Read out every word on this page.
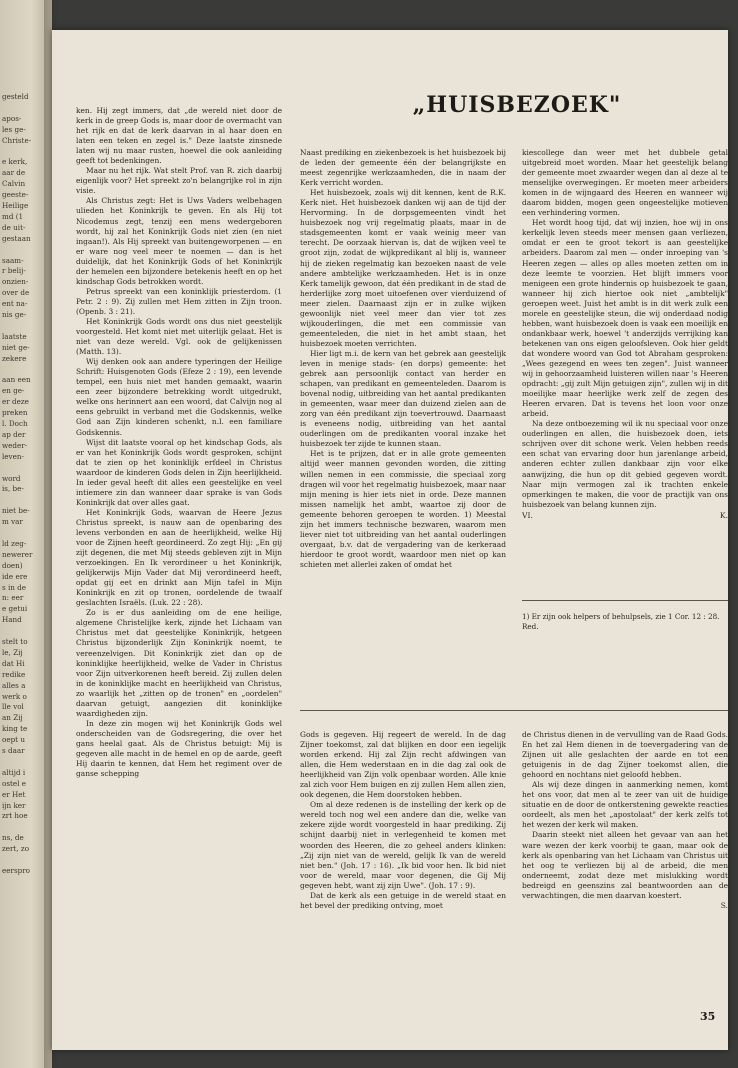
gesteld
apos-
les ge-
Christe-
e kerk,
aar de
Calvin
geeste-
Heilige
md (1
de uit-
gestaan
saam-
r belij-
onzien-
over de
ent na-
nis ge-
laatste
niet ge-
zekere
aan een
en ge-
er deze
preken
l. Doch
ap der
weder-
leven-
word
is, be-
niet be-
m var
ld zeg-
newerer
doen)
ide ere
s in de
n: eer
e getui
Hand
stelt to
le, Zij
dat Hi
redike
alles a
werk o
lle vol
an Zij
king te
oept u
s daar
altijd i
ostel e
er Het
ijn ker
zrt hoe
ns, de
zert, zo
eerspro
„HUISBEZOEK"

ken. Hij zegt immers, dat „de wereld niet door de kerk in de greep Gods is, maar door de overmacht van het rijk en dat de kerk daarvan in al haar doen en laten een teken en zegel is." Deze laatste zinsnede laten wij nu maar rusten, hoewel die ook aanleiding geeft tot bedenkingen.

Maar nu het rijk. Wat stelt Prof. van R. zich daarbij eigenlijk voor? Het spreekt zo'n belangrijke rol in zijn visie.

Als Christus zegt: Het is Uws Vaders welbehagen ulieden het Koninkrijk te geven. En als Hij tot Nicodemus zegt, tenzij een mens wedergeboren wordt, hij zal het Koninkrijk Gods niet zien (en niet ingaan!). Als Hij spreekt van buitengeworpenen — en er ware nog veel meer te noemen — dan is het duidelijk, dat het Koninkrijk Gods of het Koninkrijk der hemelen een bijzondere betekenis heeft en op het kindschap Gods betrokken wordt.

Petrus spreekt van een koninklijk priesterdom. (1 Petr. 2 : 9). Zij zullen met Hem zitten in Zijn troon. (Openb. 3 : 21).

Het Koninkrijk Gods wordt ons dus niet geestelijk voorgesteld. Het komt niet met uiterlijk gelaat. Het is niet van deze wereld. Vgl. ook de gelijkenissen (Matth. 13).

Wij denken ook aan andere typeringen der Heilige Schrift: Huisgenoten Gods (Efeze 2 : 19), een levende tempel, een huis niet met handen gemaakt, waarin een zeer bijzondere betrekking wordt uitgedrukt, welke ons herinnert aan een woord, dat Calvijn nog al eens gebruikt in verband met die Godskennis, welke God aan Zijn kinderen schenkt, n.l. een familiare Godskennis.

Wijst dit laatste vooral op het kindschap Gods, als er van het Koninkrijk Gods wordt gesproken, schijnt dat te zien op het koninklijk erfdeel in Christus waardoor de kinderen Gods delen in Zijn heerlijkheid. In ieder geval heeft dit alles een geestelijke en veel intiemere zin dan wanneer daar sprake is van Gods Koninkrijk dat over alles gaat.

Het Koninkrijk Gods, waarvan de Heere Jezus Christus spreekt, is nauw aan de openbaring des levens verbonden en aan de heerlijkheid, welke Hij voor de Zijnen heeft geordineerd. Zo zegt Hij: „En gij zijt degenen, die met Mij steeds gebleven zijt in Mijn verzoekingen. En Ik verordineer u het Koninkrijk, gelijkerwijs Mijn Vader dat Mij verordineerd heeft, opdat gij eet en drinkt aan Mijn tafel in Mijn Koninkrijk en zit op tronen, oordelende de twaalf geslachten Israëls. (Luk. 22 : 28).

Zo is er dus aanleiding om de ene heilige, algemene Christelijke kerk, zijnde het Lichaam van Christus met dat geestelijke Koninkrijk, hetgeen Christus bijzonderlijk Zijn Koninkrijk noemt, te vereenzelvigen. Dit Koninkrijk ziet dan op de koninklijke heerlijkheid, welke de Vader in Christus voor Zijn uitverkorenen heeft bereid. Zij zullen delen in de koninklijke macht en heerlijkheid van Christus, zo waarlijk het „zitten op de tronen" en „oordelen" daarvan getuigt, aangezien dit koninklijke waardigheden zijn.

In deze zin mogen wij het Koninkrijk Gods wel onderscheiden van de Godsregering, die over het gans heelal gaat. Als de Christus betuigt: Mij is gegeven alle macht in de hemel en op de aarde, geeft Hij daarin te kennen, dat Hem het regiment over de ganse schepping

Naast prediking en ziekenbezoek is het huisbezoek bij de leden der gemeente één der belangrijkste en meest zegenrijke werkzaamheden, die in naam der Kerk verricht worden.

Het huisbezoek, zoals wij dit kennen, kent de R.K. Kerk niet. Het huisbezoek danken wij aan de tijd der Hervorming. In de dorpsgemeenten vindt het huisbezoek nog vrij regelmatig plaats, maar in de stadsgemeenten komt er vaak weinig meer van terecht. De oorzaak hiervan is, dat de wijken veel te groot zijn, zodat de wijkpredikant al blij is, wanneer hij de zieken regelmatig kan bezoeken naast de vele andere ambtelijke werkzaamheden. Het is in onze Kerk tamelijk gewoon, dat één predikant in de stad de herderlijke zorg moet uitoefenen over vierduizend of meer zielen. Daarnaast zijn er in zulke wijken gewoonlijk niet veel meer dan vier tot zes wijkouderlingen, die met een commissie van gemeenteleden, die niet in het ambt staan, het huisbezoek moeten verrichten.

Hier ligt m.i. de kern van het gebrek aan geestelijk leven in menige stads- (en dorps) gemeente: het gebrek aan persoonlijk contact van herder en schapen, van predikant en gemeenteleden. Daarom is bovenal nodig, uitbreiding van het aantal predikanten in gemeenten, waar meer dan duizend zielen aan de zorg van één predikant zijn toevertrouwd. Daarnaast is eveneens nodig, uitbreiding van het aantal ouderlingen om de predikanten vooral inzake het huisbezoek ter zijde te kunnen staan.

Het is te prijzen, dat er in alle grote gemeenten altijd weer mannen gevonden worden, die zitting willen nemen in een commissie, die speciaal zorg dragen wil voor het regelmatig huisbezoek, maar naar mijn mening is hier iets niet in orde. Deze mannen missen namelijk het ambt, waartoe zij door de gemeente behoren geroepen te worden. 1) Meestal zijn het immers technische bezwaren, waarom men liever niet tot uitbreiding van het aantal ouderlingen overgaat, b.v. dat de vergadering van de kerkeraad hierdoor te groot wordt, waardoor men niet op kan schieten met allerlei zaken of omdat het

kiescollege dan weer met het dubbele getal uitgebreid moet worden. Maar het geestelijk belang der gemeente moet zwaarder wegen dan al deze al te menselijke overwegingen. Er moeten meer arbeiders komen in de wijngaard des Heeren en wanneer wij daarom bidden, mogen geen ongeestelijke motieven een verhindering vormen.

Het wordt hoog tijd, dat wij inzien, hoe wij in ons kerkelijk leven steeds meer mensen gaan verliezen, omdat er een te groot tekort is aan geestelijke arbeiders. Daarom zal men — onder inroeping van 's Heeren zegen — alles op alles moeten zetten om in deze leemte te voorzien. Het blijft immers voor menigeen een grote hindernis op huisbezoek te gaan, wanneer hij zich hiertoe ook niet „ambtelijk" geroepen weet. Juist het ambt is in dit werk zulk een morele en geestelijke steun, die wij onderdaad nodig hebben, want huisbezoek doen is vaak een moeilijk en ondankbaar werk, hoewel 't anderzijds verrijking kan betekenen van ons eigen geloofsleven. Ook hier geldt dat wondere woord van God tot Abraham gesproken: „Wees gezegend en wees ten zegen". Juist wanneer wij in gehoorzaamheid luisteren willen naar 's Heeren opdracht: „gij zult Mijn getuigen zijn", zullen wij in dit moeilijke maar heerlijke werk zelf de zegen des Heeren ervaren. Dat is tevens het loon voor onze arbeid.

Na deze ontboezeming wil ik nu speciaal voor onze ouderlingen en allen, die huisbezoek doen, iets schrijven over dit schone werk. Velen hebben reeds een schat van ervaring door hun jarenlange arbeid, anderen echter zullen dankbaar zijn voor elke aanwijzing, die hun op dit gebied gegeven wordt. Naar mijn vermogen zal ik trachten enkele opmerkingen te maken, die voor de practijk van ons huisbezoek van belang kunnen zijn.

VI.	K.
1) Er zijn ook helpers of behulpsels, zie 1 Cor. 12 : 28. Red.

Gods is gegeven. Hij regeert de wereld. In de dag Zijner toekomst, zal dat blijken en door een iegelijk worden erkend. Hij zal Zijn recht afdwingen van allen, die Hem wederstaan en in die dag zal ook de heerlijkheid van Zijn volk openbaar worden. Alle knie zal zich voor Hem buigen en zij zullen Hem allen zien, ook degenen, die Hem doorstoken hebben.

Om al deze redenen is de instelling der kerk op de wereld toch nog wel een andere dan die, welke van zekere zijde wordt voorgesteld in haar prediking. Zij schijnt daarbij niet in verlegenheid te komen met woorden des Heeren, die zo geheel anders klinken: „Zij zijn niet van de wereld, gelijk Ik van de wereld niet ben." (Joh. 17 : 16). „Ik bid voor hen. Ik bid niet voor de wereld, maar voor degenen, die Gij Mij gegeven hebt, want zij zijn Uwe". (Joh. 17 : 9).

Dat de kerk als een getuige in de wereld staat en het bevel der prediking ontving, moet

de Christus dienen in de vervulling van de Raad Gods. En het zal Hem dienen in de toevergadering van de Zijnen uit alle geslachten der aarde en tot een getuigenis in de dag Zijner toekomst allen, die gehoord en nochtans niet geloofd hebben.

Als wij deze dingen in aanmerking nemen, komt het ons voor, dat men al te zeer van uit de huidige situatie en de door de ontkerstening gewekte reacties oordeelt, als men het „apostolaat" der kerk zelfs tot het wezen der kerk wil maken.

Daarin steekt niet alleen het gevaar van aan het ware wezen der kerk voorbij te gaan, maar ook de kerk als openbaring van het Lichaam van Christus uit het oog te verliezen bij al de arbeid, die men onderneemt, zodat deze met mislukking wordt bedreigd en geenszins zal beantwoorden aan de verwachtingen, die men daarvan koestert.

S.
35
